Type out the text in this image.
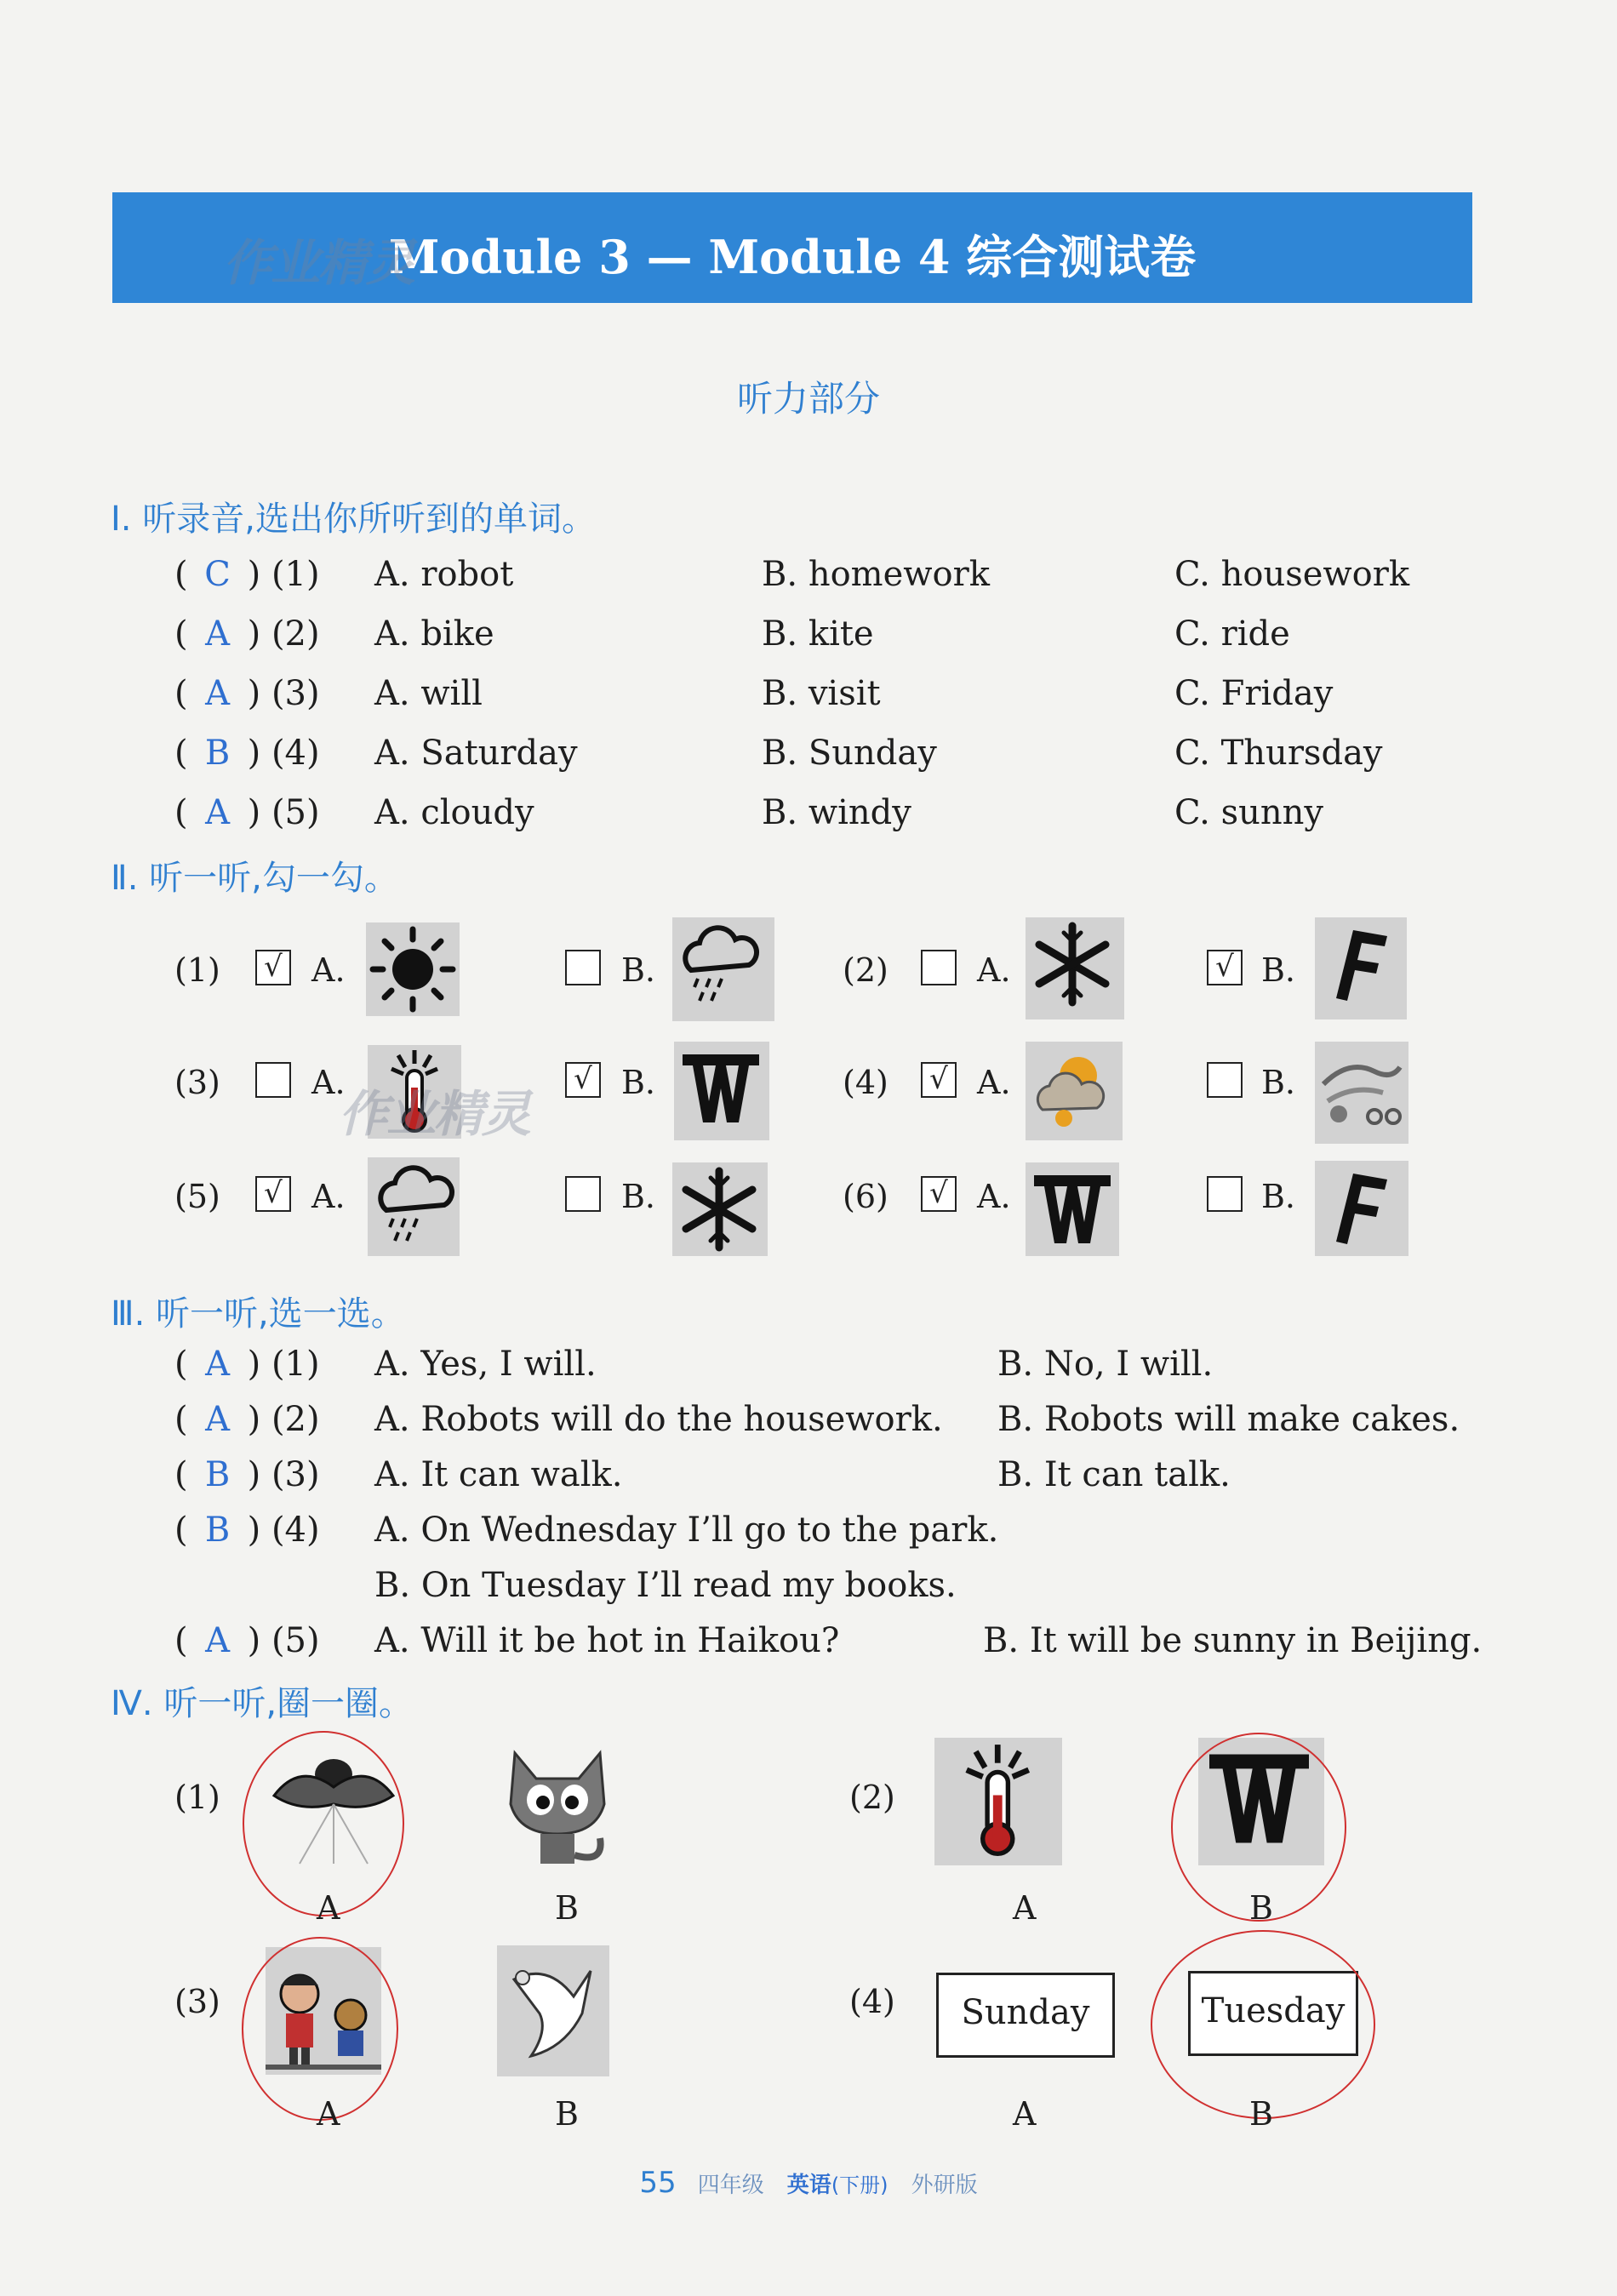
Module 3 — Module 4 综合测试卷
作业精灵
听力部分
Ⅰ. 听录音,选出你所听到的单词。
( C ) (1) A. robot	B. homework	C. housework
( A ) (2) A. bike	B. kite	C. ride
( A ) (3) A. will	B. visit	C. Friday
( B ) (4) A. Saturday	B. Sunday	C. Thursday
( A ) (5) A. cloudy	B. windy	C. sunny
Ⅱ. 听一听,勾一勾。
(1) √ A.	B.	(2)	A.	√ B.
(3)	A.	√ B.	(4) √ A.	B.
作业精灵
(5) √ A.	B.	(6) √ A.	B.
Ⅲ. 听一听,选一选。
( A ) (1) A. Yes, I will.	B. No, I will.
( A ) (2) A. Robots will do the housework. B. Robots will make cakes.
( B ) (3) A. It can walk.	B. It can talk.
( B ) (4) A. On Wednesday I’ll go to the park.
B. On Tuesday I’ll read my books.
( A ) (5) A. Will it be hot in Haikou?	B. It will be sunny in Beijing.
Ⅳ. 听一听,圈一圈。
(1)
A	B
(2)
A	B
(3)
A	B
(4)	Sunday	Tuesday
A	B
55 四年级 英语(下册) 外研版
